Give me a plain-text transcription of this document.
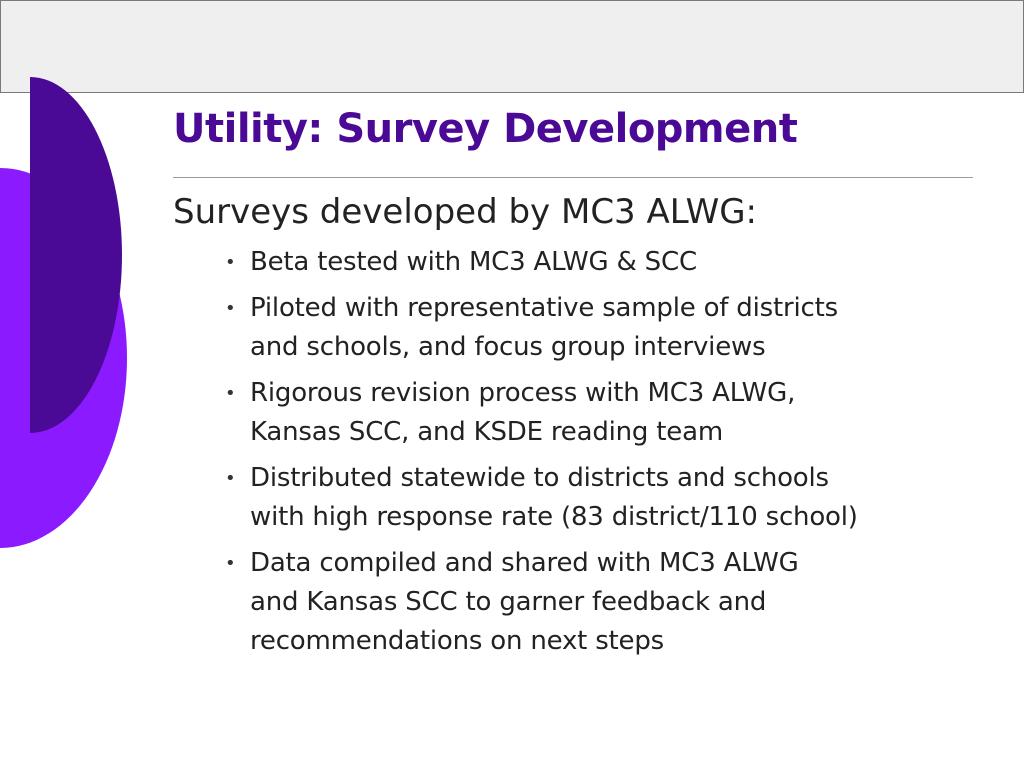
Utility: Survey Development

Surveys developed by MC3 ALWG:

• Beta tested with MC3 ALWG & SCC
• Piloted with representative sample of districts
and schools, and focus group interviews
• Rigorous revision process with MC3 ALWG,
Kansas SCC, and KSDE reading team
• Distributed statewide to districts and schools
with high response rate (83 district/110 school)
• Data compiled and shared with MC3 ALWG
and Kansas SCC to garner feedback and
recommendations on next steps
